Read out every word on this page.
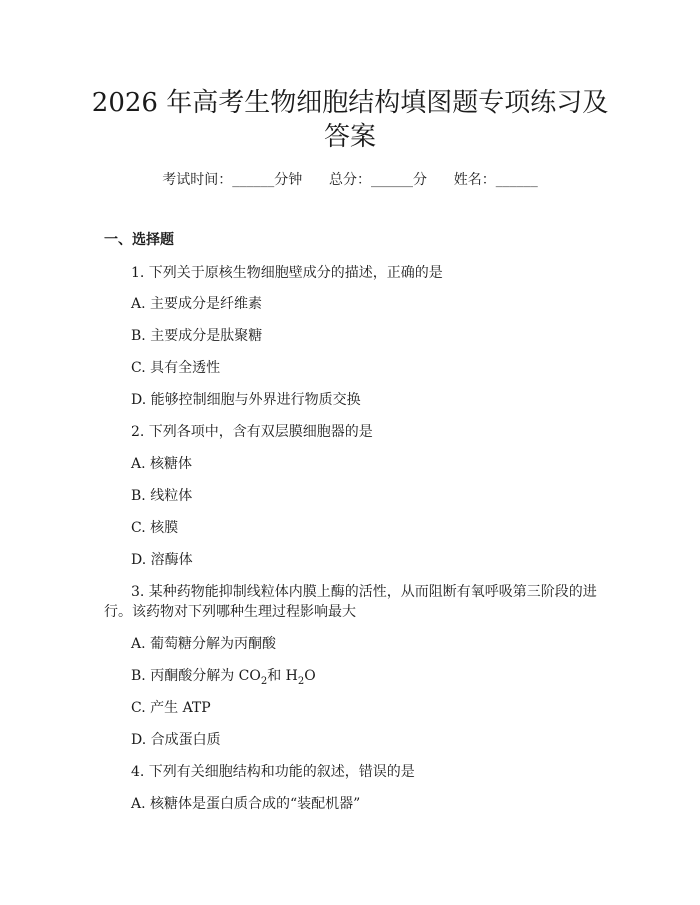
2026 年高考生物细胞结构填图题专项练习及
答案
考试时间：______分钟      总分：______分      姓名：______
一、选择题
1. 下列关于原核生物细胞壁成分的描述，正确的是
A. 主要成分是纤维素
B. 主要成分是肽聚糖
C. 具有全透性
D. 能够控制细胞与外界进行物质交换
2. 下列各项中，含有双层膜细胞器的是
A. 核糖体
B. 线粒体
C. 核膜
D. 溶酶体
3. 某种药物能抑制线粒体内膜上酶的活性，从而阻断有氧呼吸第三阶段的进
行。该药物对下列哪种生理过程影响最大
A. 葡萄糖分解为丙酮酸
B. 丙酮酸分解为 $CO_2$和 $H_2O$
C. 产生 ATP
D. 合成蛋白质
4. 下列有关细胞结构和功能的叙述，错误的是
A. 核糖体是蛋白质合成的“装配机器”
